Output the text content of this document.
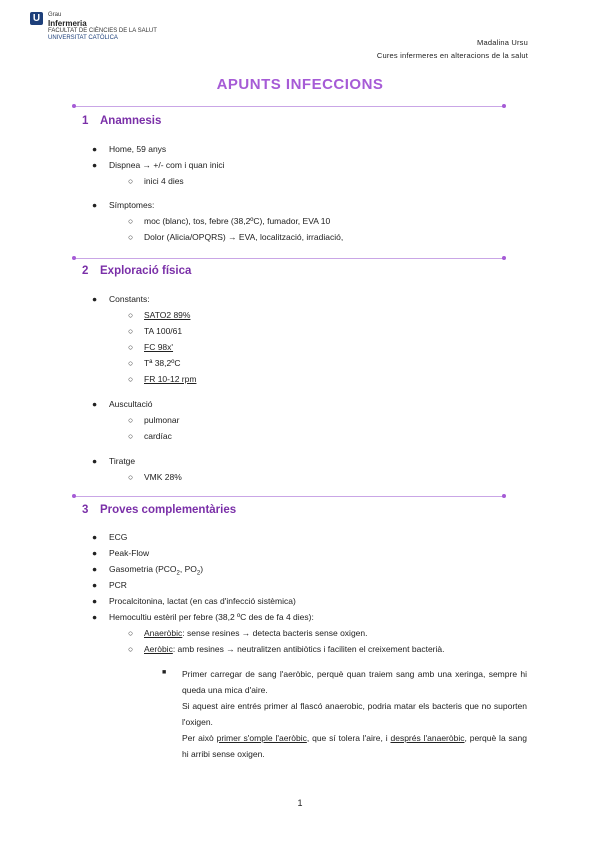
U	Grau
Infermeria
FACULTAT DE CIÈNCIES DE LA SALUT
UNIVERSITAT CATÒLICA	Madalina Ursu
Cures infermeres en alteracions de la salut
APUNTS INFECCIONS
1 Anamnesis
● Home, 59 anys
● Dispnea → +/- com i quan inici
○ inici 4 dies
● Símptomes:
○ moc (blanc), tos, febre (38,2ºC), fumador, EVA 10
○ Dolor (Alicia/OPQRS) → EVA, localització, irradiació,
2 Exploració física
● Constants:
○ SATO2 89%
○ TA 100/61
○ FC 98x'
○ Tª 38,2ºC
○ FR 10-12 rpm
● Auscultació
○ pulmonar
○ cardíac
● Tiratge
○ VMK 28%
3 Proves complementàries
● ECG
● Peak-Flow
● Gasometria ($PCO_2$, $PO_2$)
● PCR
● Procalcitonina, lactat (en cas d'infecció sistèmica)
● Hemocultiu estèril per febre (38,2 ºC des de fa 4 dies):
○ Anaeròbic: sense resines → detecta bacteris sense oxigen.
○ Aeròbic: amb resines → neutralitzen antibiòtics i faciliten el creixement bacterià.
■ Primer carregar de sang l'aeròbic, perquè quan traiem sang amb una xeringa, sempre hi queda una mica d'aire.
Si aquest aire entrés primer al flascó anaerobic, podria matar els bacteris que no suporten l'oxigen.
Per això primer s'omple l'aeròbic, que sí tolera l'aire, i després l'anaeròbic, perquè la sang hi arribi sense oxigen.
1
